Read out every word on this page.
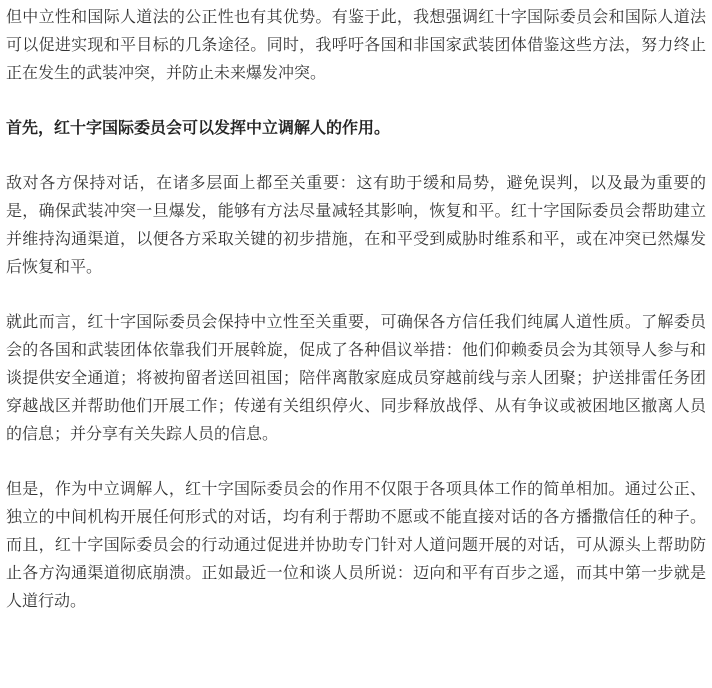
但中立性和国际人道法的公正性也有其优势。有鉴于此，我想强调红十字国际委员会和国际人道法可以促进实现和平目标的几条途径。同时，我呼吁各国和非国家武装团体借鉴这些方法，努力终止正在发生的武装冲突，并防止未来爆发冲突。

首先，红十字国际委员会可以发挥中立调解人的作用。

敌对各方保持对话，在诸多层面上都至关重要：这有助于缓和局势，避免误判，以及最为重要的是，确保武装冲突一旦爆发，能够有方法尽量减轻其影响，恢复和平。红十字国际委员会帮助建立并维持沟通渠道，以便各方采取关键的初步措施，在和平受到威胁时维系和平，或在冲突已然爆发后恢复和平。

就此而言，红十字国际委员会保持中立性至关重要，可确保各方信任我们纯属人道性质。了解委员会的各国和武装团体依靠我们开展斡旋，促成了各种倡议举措：他们仰赖委员会为其领导人参与和谈提供安全通道；将被拘留者送回祖国；陪伴离散家庭成员穿越前线与亲人团聚；护送排雷任务团穿越战区并帮助他们开展工作；传递有关组织停火、同步释放战俘、从有争议或被困地区撤离人员的信息；并分享有关失踪人员的信息。

但是，作为中立调解人，红十字国际委员会的作用不仅限于各项具体工作的简单相加。通过公正、独立的中间机构开展任何形式的对话，均有利于帮助不愿或不能直接对话的各方播撒信任的种子。而且，红十字国际委员会的行动通过促进并协助专门针对人道问题开展的对话，可从源头上帮助防止各方沟通渠道彻底崩溃。正如最近一位和谈人员所说：迈向和平有百步之遥，而其中第一步就是人道行动。
